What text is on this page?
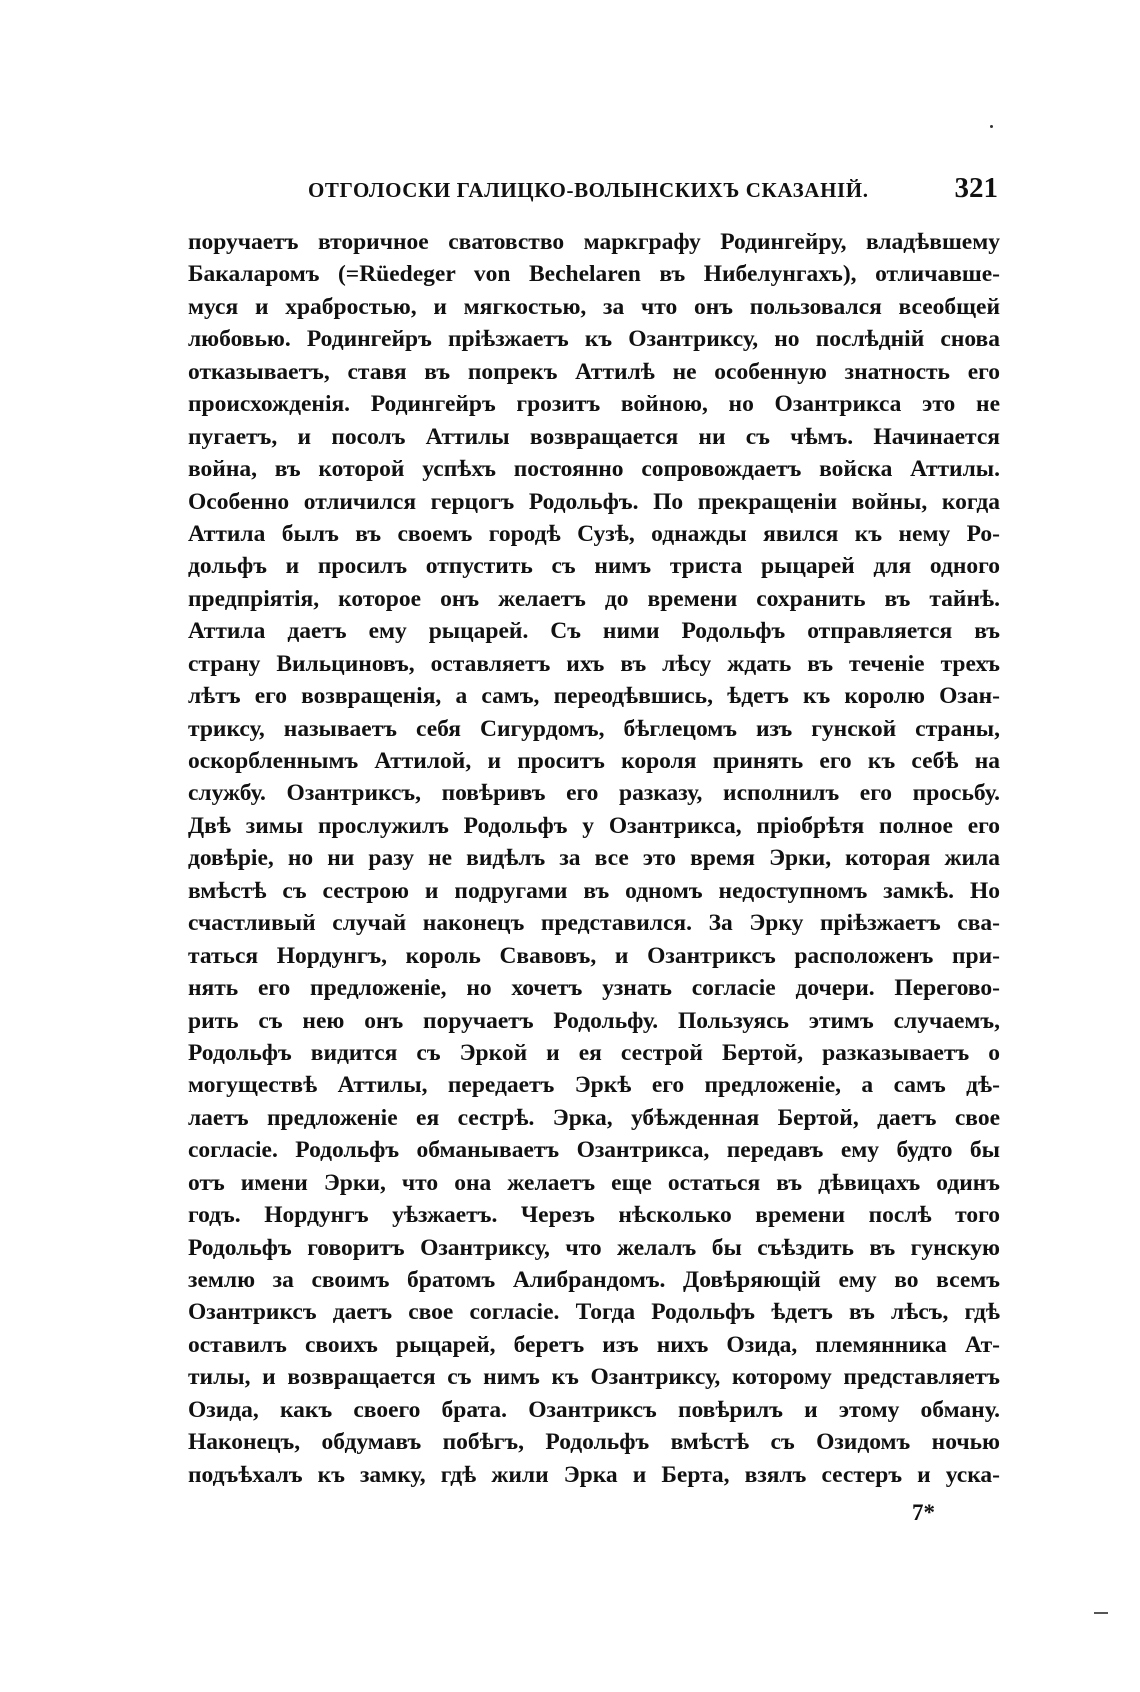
ОТГОЛОСКИ ГАЛИЦКО-ВОЛЫНСКИХЪ СКАЗАНІЙ.	321
поручаетъ вторичное сватовство маркграфу Родингейру, владѣвшему
Бакаларомъ (=Rüedeger von Bechelaren въ Нибелунгахъ), отличавше-
муся и храбростью, и мягкостью, за что онъ пользовался всеобщей
любовью. Родингейръ пріѣзжаетъ къ Озантриксу, но послѣдній снова
отказываетъ, ставя въ попрекъ Аттилѣ не особенную знатность его
происхожденія. Родингейръ грозитъ войною, но Озантрикса это не
пугаетъ, и посолъ Аттилы возвращается ни съ чѣмъ. Начинается
война, въ которой успѣхъ постоянно сопровождаетъ войска Аттилы.
Особенно отличился герцогъ Родольфъ. По прекращеніи войны, когда
Аттила былъ въ своемъ городѣ Сузѣ, однажды явился къ нему Ро-
дольфъ и просилъ отпустить съ нимъ триста рыцарей для одного
предпріятія, которое онъ желаетъ до времени сохранить въ тайнѣ.
Аттила даетъ ему рыцарей. Съ ними Родольфъ отправляется въ
страну Вильциновъ, оставляетъ ихъ въ лѣсу ждать въ теченіе трехъ
лѣтъ его возвращенія, а самъ, переодѣвшись, ѣдетъ къ королю Озан-
триксу, называетъ себя Сигурдомъ, бѣглецомъ изъ гунской страны,
оскорбленнымъ Аттилой, и проситъ короля принять его къ себѣ на
службу. Озантриксъ, повѣривъ его разказу, исполнилъ его просьбу.
Двѣ зимы прослужилъ Родольфъ у Озантрикса, пріобрѣтя полное его
довѣріе, но ни разу не видѣлъ за все это время Эрки, которая жила
вмѣстѣ съ сестрою и подругами въ одномъ недоступномъ замкѣ. Но
счастливый случай наконецъ представился. За Эрку пріѣзжаетъ сва-
таться Нордунгъ, король Свавовъ, и Озантриксъ расположенъ при-
нять его предложеніе, но хочетъ узнать согласіе дочери. Перегово-
рить съ нею онъ поручаетъ Родольфу. Пользуясь этимъ случаемъ,
Родольфъ видится съ Эркой и ея сестрой Бертой, разказываетъ о
могуществѣ Аттилы, передаетъ Эркѣ его предложеніе, а самъ дѣ-
лаетъ предложеніе ея сестрѣ. Эрка, убѣжденная Бертой, даетъ свое
согласіе. Родольфъ обманываетъ Озантрикса, передавъ ему будто бы
отъ имени Эрки, что она желаетъ еще остаться въ дѣвицахъ одинъ
годъ. Нордунгъ уѣзжаетъ. Черезъ нѣсколько времени послѣ того
Родольфъ говоритъ Озантриксу, что желалъ бы съѣздить въ гунскую
землю за своимъ братомъ Алибрандомъ. Довѣряющій ему во всемъ
Озантриксъ даетъ свое согласіе. Тогда Родольфъ ѣдетъ въ лѣсъ, гдѣ
оставилъ своихъ рыцарей, беретъ изъ нихъ Озида, племянника Ат-
тилы, и возвращается съ нимъ къ Озантриксу, которому представляетъ
Озида, какъ своего брата. Озантриксъ повѣрилъ и этому обману.
Наконецъ, обдумавъ побѣгъ, Родольфъ вмѣстѣ съ Озидомъ ночью
подъѣхалъ къ замку, гдѣ жили Эрка и Берта, взялъ сестеръ и уска-
7*
